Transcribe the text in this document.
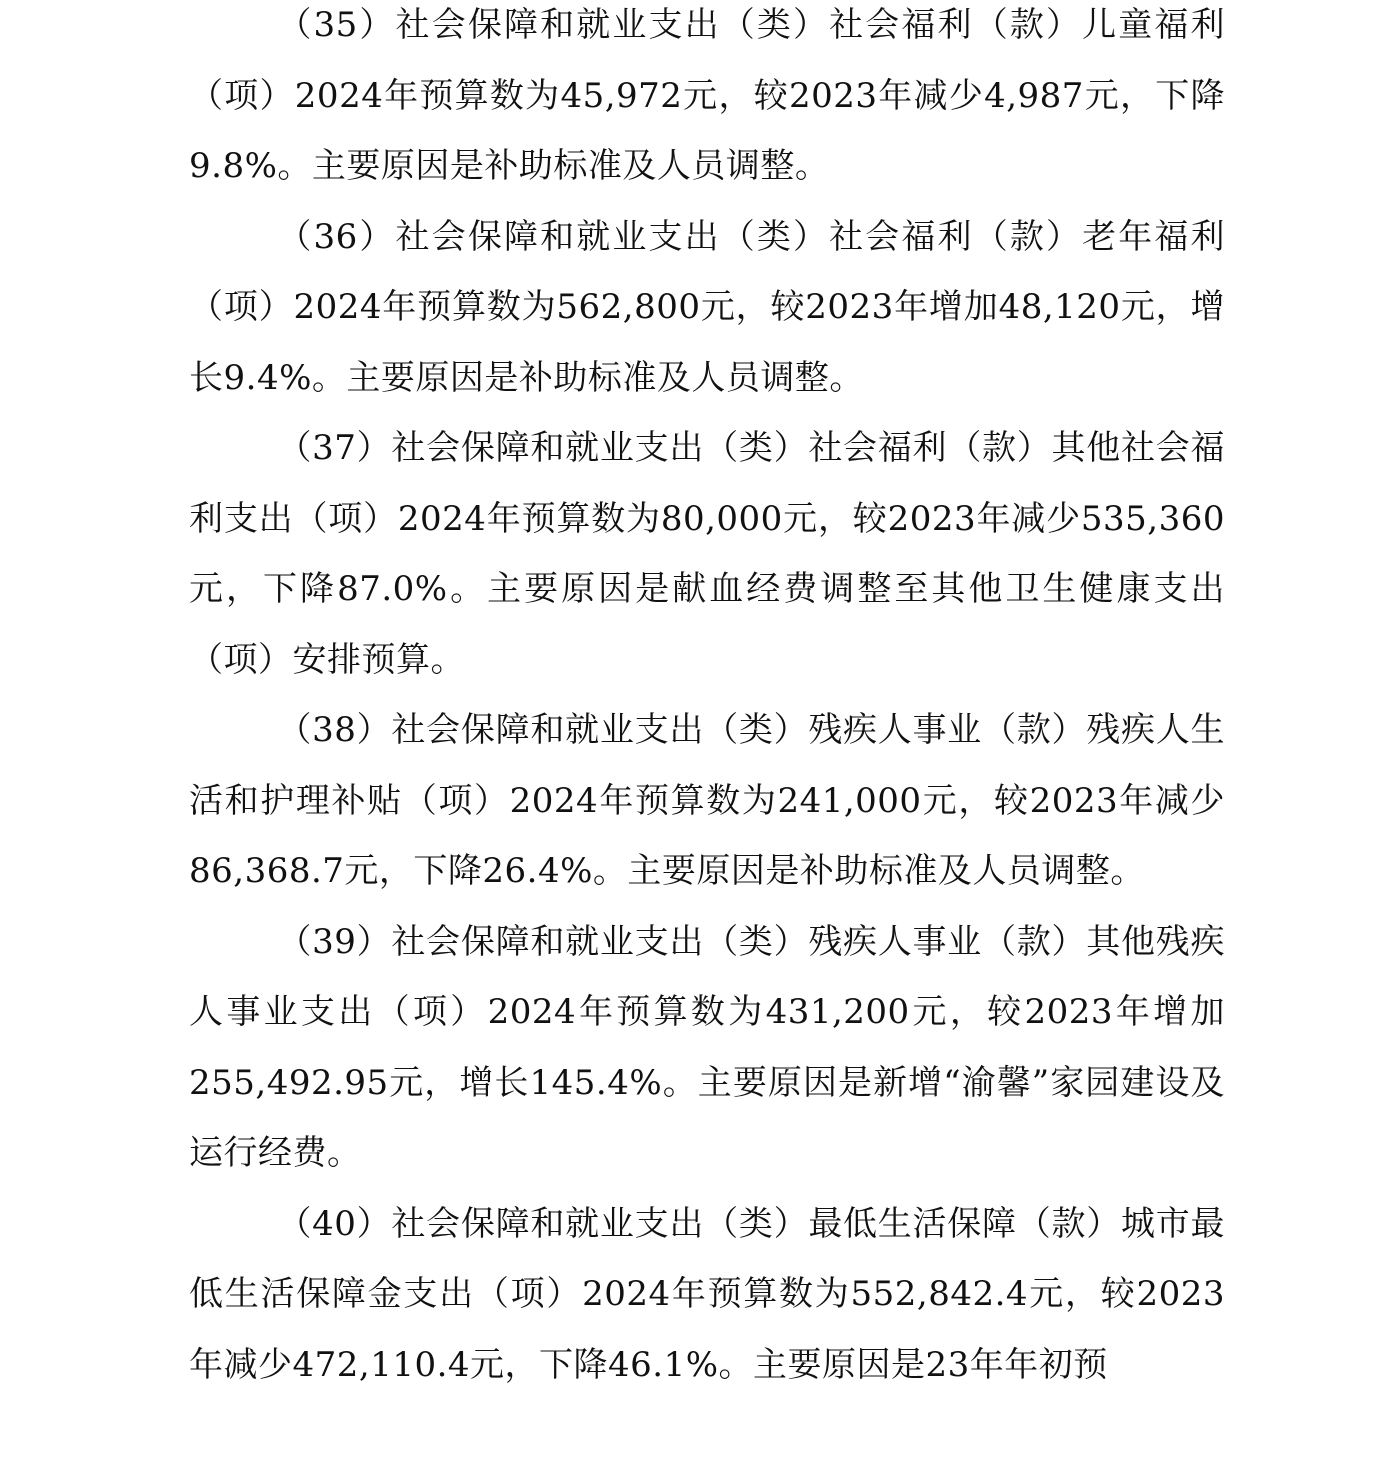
（35）社会保障和就业支出（类）社会福利（款）儿童福利（项）2024年预算数为45,972元，较2023年减少4,987元，下降9.8%。主要原因是补助标准及人员调整。

（36）社会保障和就业支出（类）社会福利（款）老年福利（项）2024年预算数为562,800元，较2023年增加48,120元，增长9.4%。主要原因是补助标准及人员调整。

（37）社会保障和就业支出（类）社会福利（款）其他社会福利支出（项）2024年预算数为80,000元，较2023年减少535,360元，下降87.0%。主要原因是献血经费调整至其他卫生健康支出（项）安排预算。

（38）社会保障和就业支出（类）残疾人事业（款）残疾人生活和护理补贴（项）2024年预算数为241,000元，较2023年减少86,368.7元，下降26.4%。主要原因是补助标准及人员调整。

（39）社会保障和就业支出（类）残疾人事业（款）其他残疾人事业支出（项）2024年预算数为431,200元，较2023年增加255,492.95元，增长145.4%。主要原因是新增“渝馨”家园建设及运行经费。

（40）社会保障和就业支出（类）最低生活保障（款）城市最低生活保障金支出（项）2024年预算数为552,842.4元，较2023年减少472,110.4元，下降46.1%。主要原因是23年年初预
